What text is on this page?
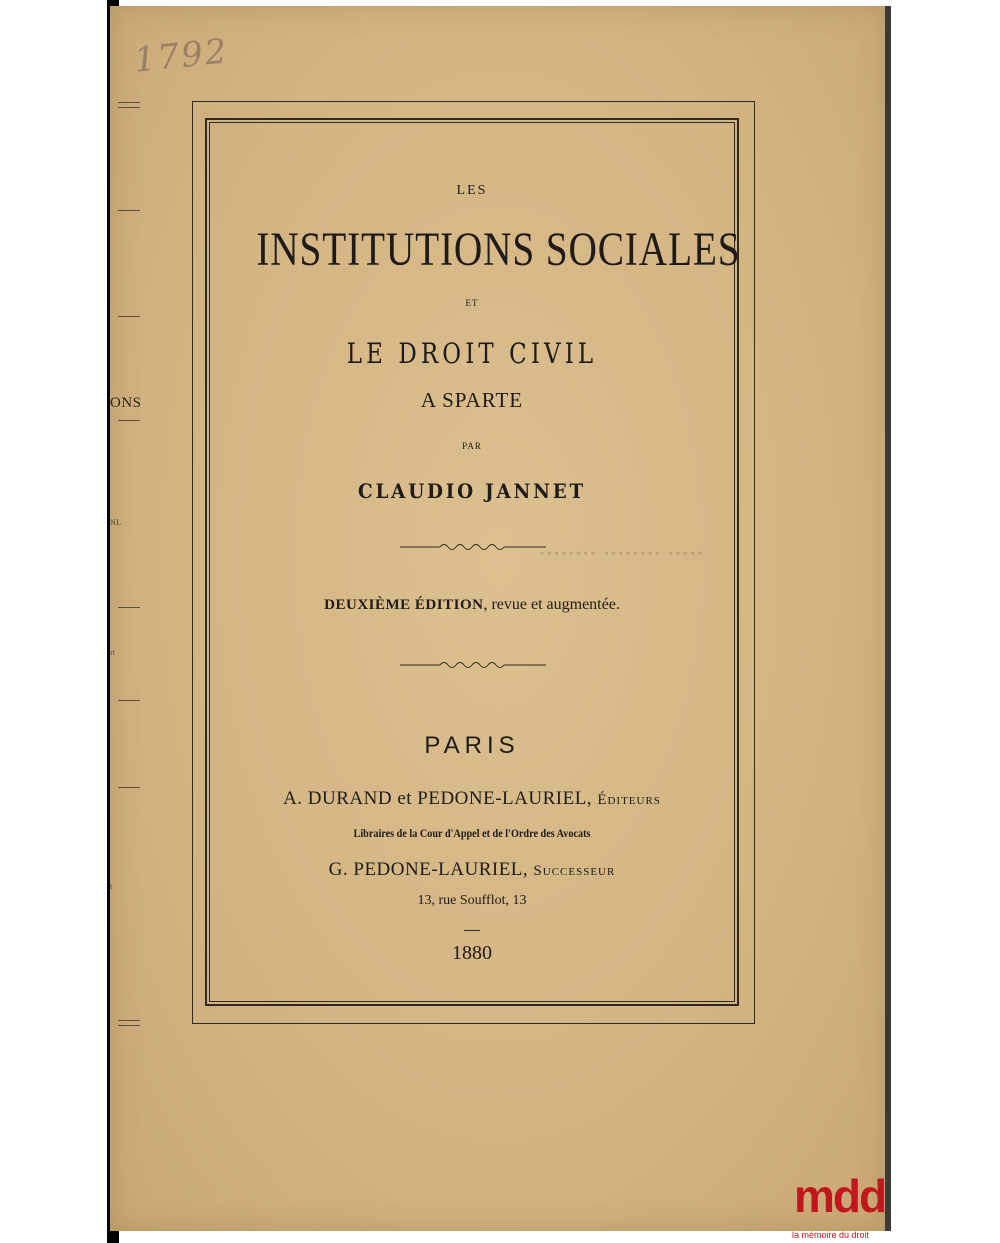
ONS
NL
ıt
t
1792
LES
INSTITUTIONS SOCIALES
ET
LE DROIT CIVIL
A SPARTE
PAR
CLAUDIO JANNET
DEUXIÈME ÉDITION, revue et augmentée.
PARIS
A. DURAND et PEDONE-LAURIEL, Éditeurs
Libraires de la Cour d'Appel et de l'Ordre des Avocats
G. PEDONE-LAURIEL, Successeur
13, rue Soufflot, 13
1880
▪▪▪▪▪▪▪▪ ▪▪▪▪▪▪▪▪ ▪▪▪▪▪
mdd
la mémoire du droit
